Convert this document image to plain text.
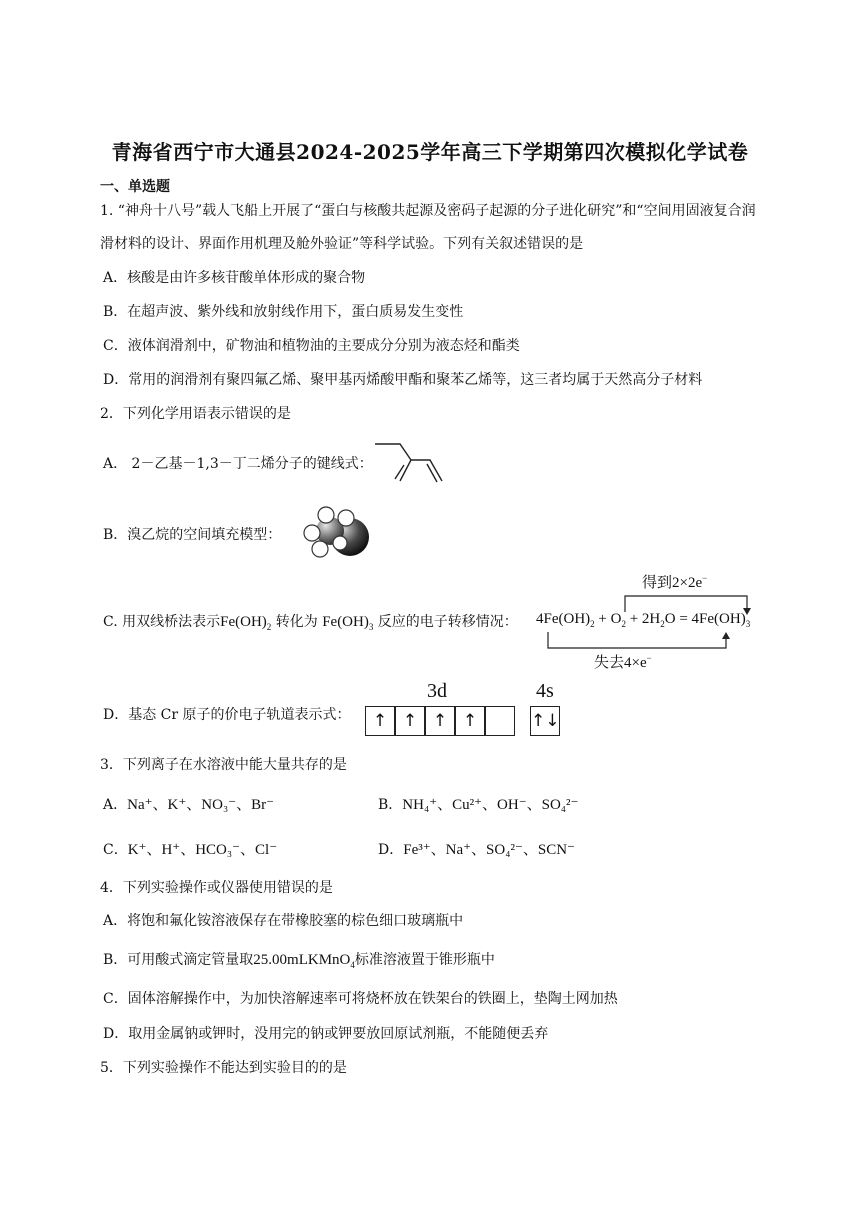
青海省西宁市大通县2024-2025学年高三下学期第四次模拟化学试卷
一、单选题
1. “神舟十八号”载人飞船上开展了“蛋白与核酸共起源及密码子起源的分子进化研究”和“空间用固液复合润
滑材料的设计、界面作用机理及舱外验证”等科学试验。下列有关叙述错误的是
A．核酸是由许多核苷酸单体形成的聚合物
B．在超声波、紫外线和放射线作用下，蛋白质易发生变性
C．液体润滑剂中，矿物油和植物油的主要成分分别为液态烃和酯类
D．常用的润滑剂有聚四氟乙烯、聚甲基丙烯酸甲酯和聚苯乙烯等，这三者均属于天然高分子材料
2．下列化学用语表示错误的是
A． 2－乙基－1,3－丁二烯分子的键线式：
B．溴乙烷的空间填充模型：
C. 用双线桥法表示$Fe(OH)_2$ 转化为 $Fe(OH)_3$ 反应的电子转移情况：
得到2×2e−
$4Fe(OH)_2 + O_2 + 2H_2O = 4Fe(OH)_3$
失去4×e−
D．基态 Cr 原子的价电子轨道表示式：
3d	4s
↑ ↑ ↑ ↑	↑↓
3．下列离子在水溶液中能大量共存的是
A．Na⁺、K⁺、NO₃⁻、Br⁻	B．NH₄⁺、Cu²⁺、OH⁻、SO₄²⁻
C．K⁺、H⁺、HCO₃⁻、Cl⁻	D．Fe³⁺、Na⁺、SO₄²⁻、SCN⁻
4．下列实验操作或仪器使用错误的是
A．将饱和氟化铵溶液保存在带橡胶塞的棕色细口玻璃瓶中
B．可用酸式滴定管量取25.00mLKMnO$_4$标准溶液置于锥形瓶中
C．固体溶解操作中，为加快溶解速率可将烧杯放在铁架台的铁圈上，垫陶土网加热
D．取用金属钠或钾时，没用完的钠或钾要放回原试剂瓶，不能随便丢弃
5．下列实验操作不能达到实验目的的是
